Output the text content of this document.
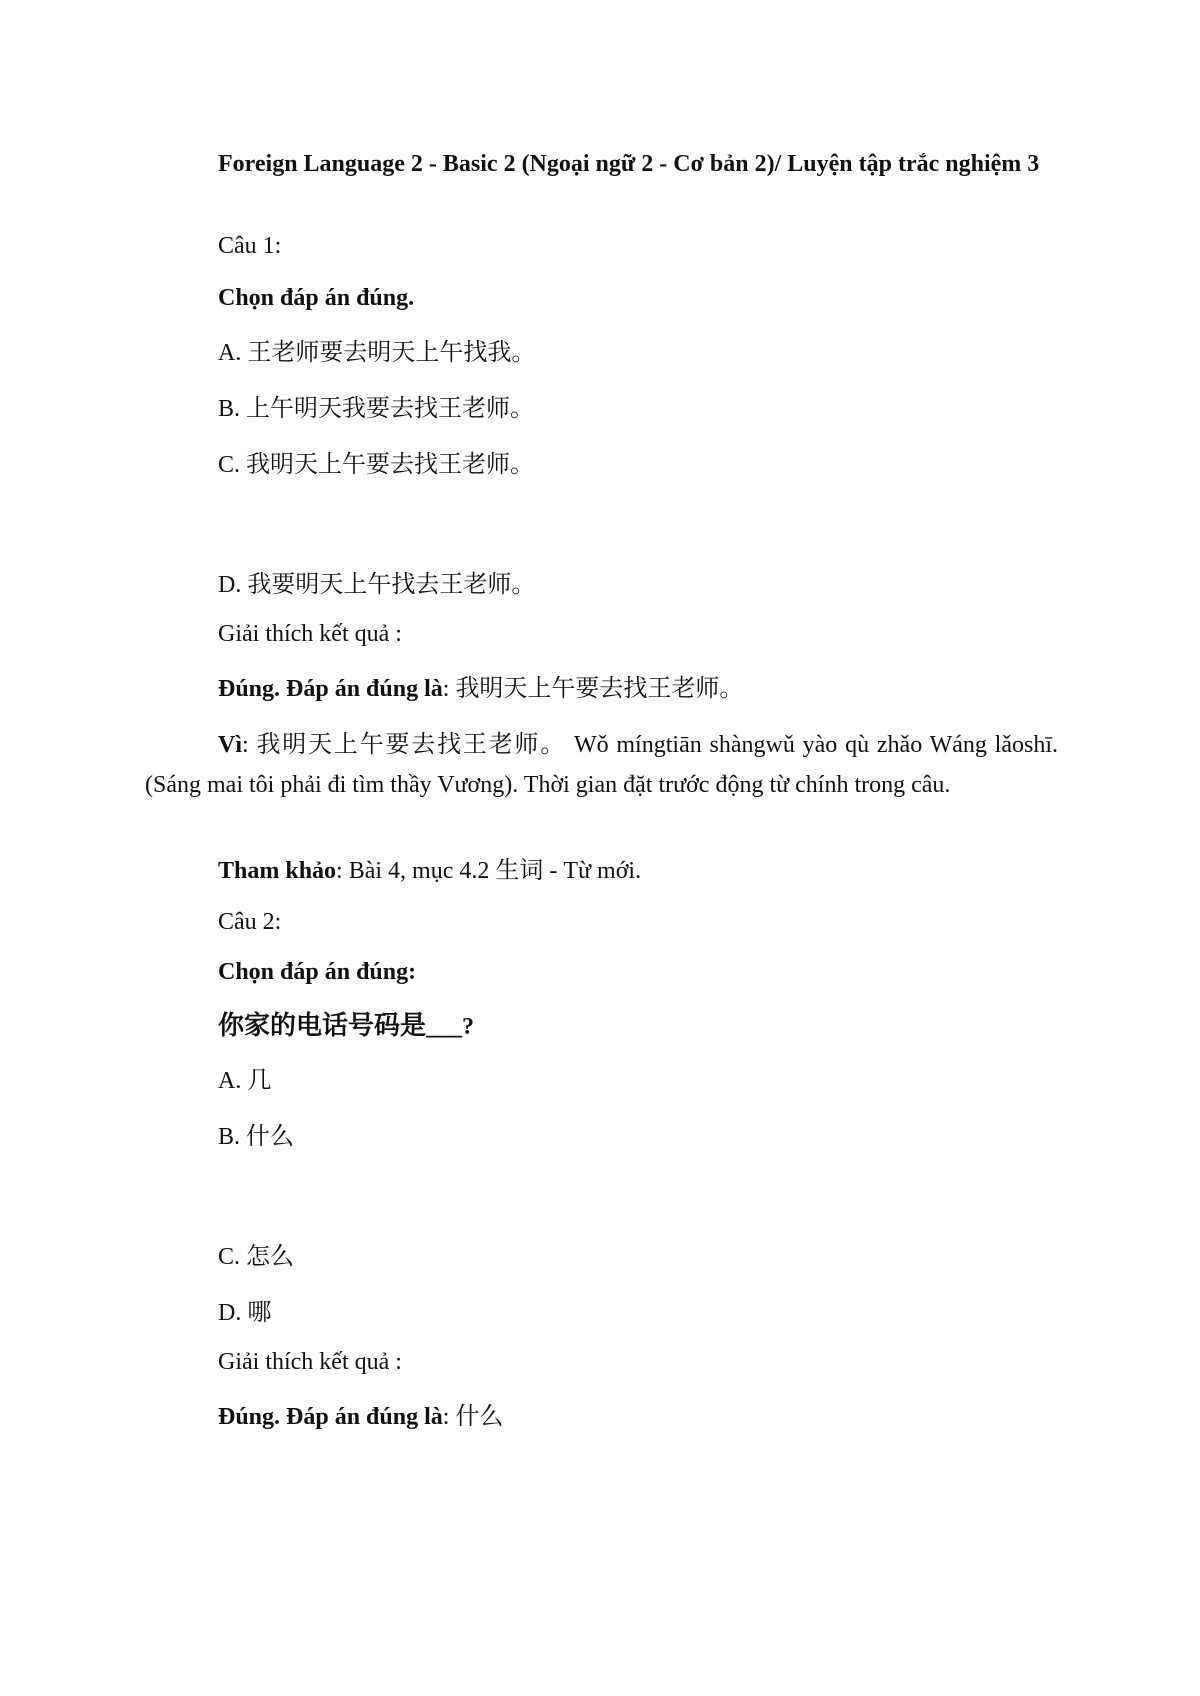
Foreign Language 2 - Basic 2 (Ngoại ngữ 2 - Cơ bản 2)/ Luyện tập trắc nghiệm 3

Câu 1:

Chọn đáp án đúng.

A. 王老师要去明天上午找我。

B. 上午明天我要去找王老师。

C. 我明天上午要去找王老师。

D. 我要明天上午找去王老师。

Giải thích kết quả :

Đúng. Đáp án đúng là: 我明天上午要去找王老师。

Vì: 我明天上午要去找王老师。 Wǒ míngtiān shàngwǔ yào qù zhǎo Wáng lǎoshī. (Sáng mai tôi phải đi tìm thầy Vương). Thời gian đặt trước động từ chính trong câu.

Tham khảo: Bài 4, mục 4.2 生词 - Từ mới.

Câu 2:

Chọn đáp án đúng:

你家的电话号码是___?

A. 几

B. 什么

C. 怎么

D. 哪

Giải thích kết quả :

Đúng. Đáp án đúng là: 什么
